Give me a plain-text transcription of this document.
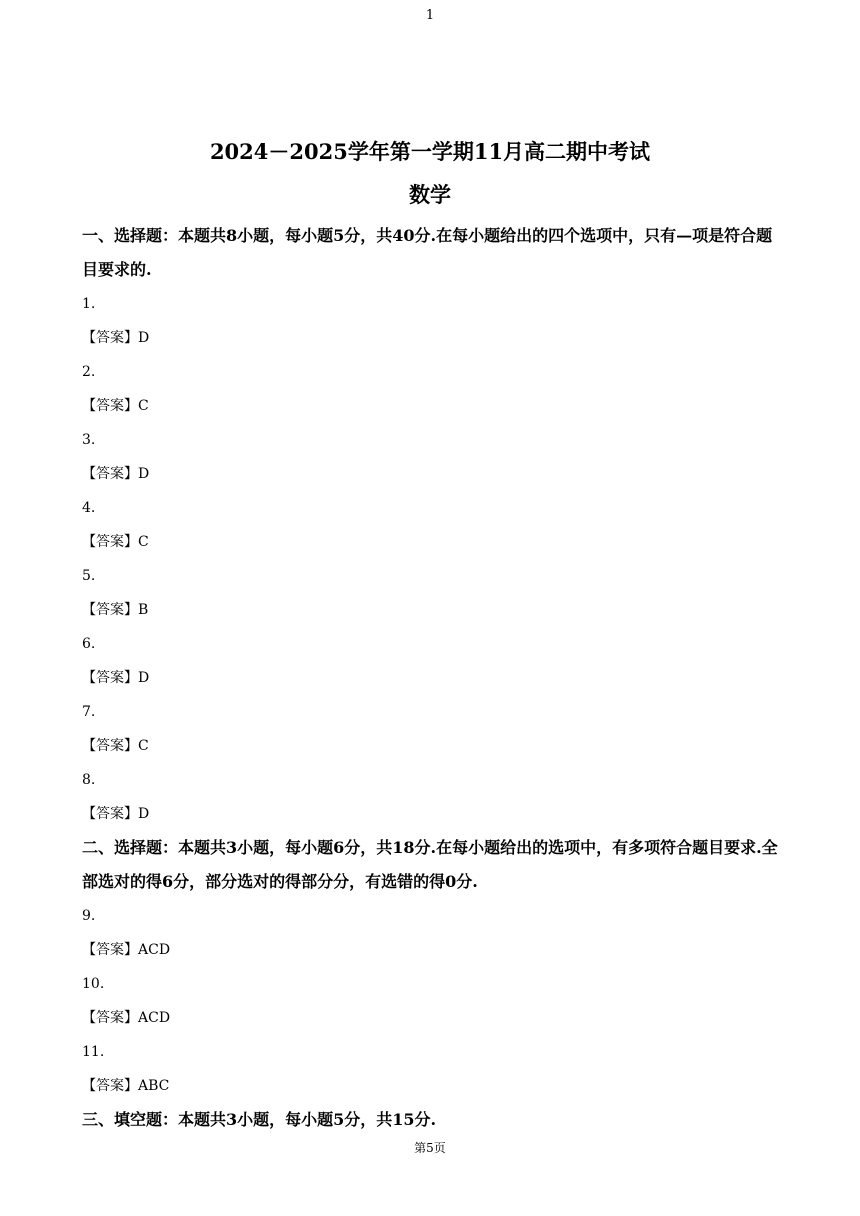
1
2024－2025学年第一学期11月高二期中考试
数学

一、选择题：本题共8小题，每小题5分，共40分.在每小题给出的四个选项中，只有—项是符合题目要求的.

1.

【答案】D

2.

【答案】C

3.

【答案】D

4.

【答案】C

5.

【答案】B

6.

【答案】D

7.

【答案】C

8.

【答案】D

二、选择题：本题共3小题，每小题6分，共18分.在每小题给出的选项中，有多项符合题目要求.全部选对的得6分，部分选对的得部分分，有选错的得0分.

9.

【答案】ACD

10.

【答案】ACD

11.

【答案】ABC

三、填空题：本题共3小题，每小题5分，共15分.

第5页
